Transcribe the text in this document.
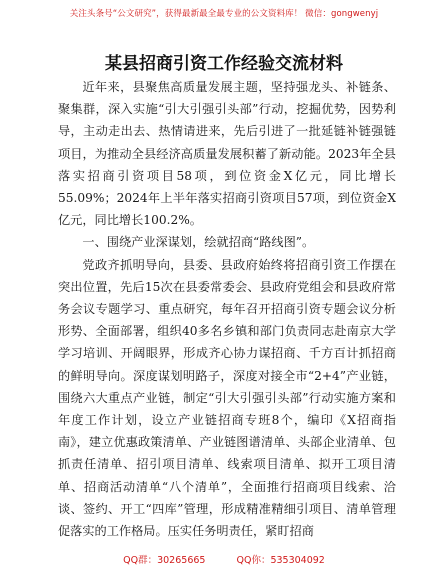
关注头条号“公文研究”，获得最新最全最专业的公文资料库！ 微信：gongwenyj
某县招商引资工作经验交流材料

近年来，县聚焦高质量发展主题，坚持强龙头、补链条、聚集群，深入实施“引大引强引头部”行动，挖掘优势，因势利导，主动走出去、热情请进来，先后引进了一批延链补链强链项目，为推动全县经济高质量发展积蓄了新动能。2023年全县落实招商引资项目58项，到位资金X亿元，同比增长55.09%；2024年上半年落实招商引资项目57项，到位资金X亿元，同比增长100.2%。

一、围绕产业深谋划，绘就招商“路线图”。

党政齐抓明导向，县委、县政府始终将招商引资工作摆在突出位置，先后15次在县委常委会、县政府党组会和县政府常务会议专题学习、重点研究，每年召开招商引资专题会议分析形势、全面部署，组织40多名乡镇和部门负责同志赴南京大学学习培训、开阔眼界，形成齐心协力谋招商、千方百计抓招商的鲜明导向。深度谋划明路子，深度对接全市“2+4”产业链，围绕六大重点产业链，制定“引大引强引头部”行动实施方案和年度工作计划，设立产业链招商专班8个，编印《X招商指南》，建立优惠政策清单、产业链图谱清单、头部企业清单、包抓责任清单、招引项目清单、线索项目清单、拟开工项目清单、招商活动清单“八个清单”，全面推行招商项目线索、洽谈、签约、开工“四库”管理，形成精准精细引项目、清单管理促落实的工作格局。压实任务明责任，紧盯招商

QQ群：30265665	QQ你：535304092
